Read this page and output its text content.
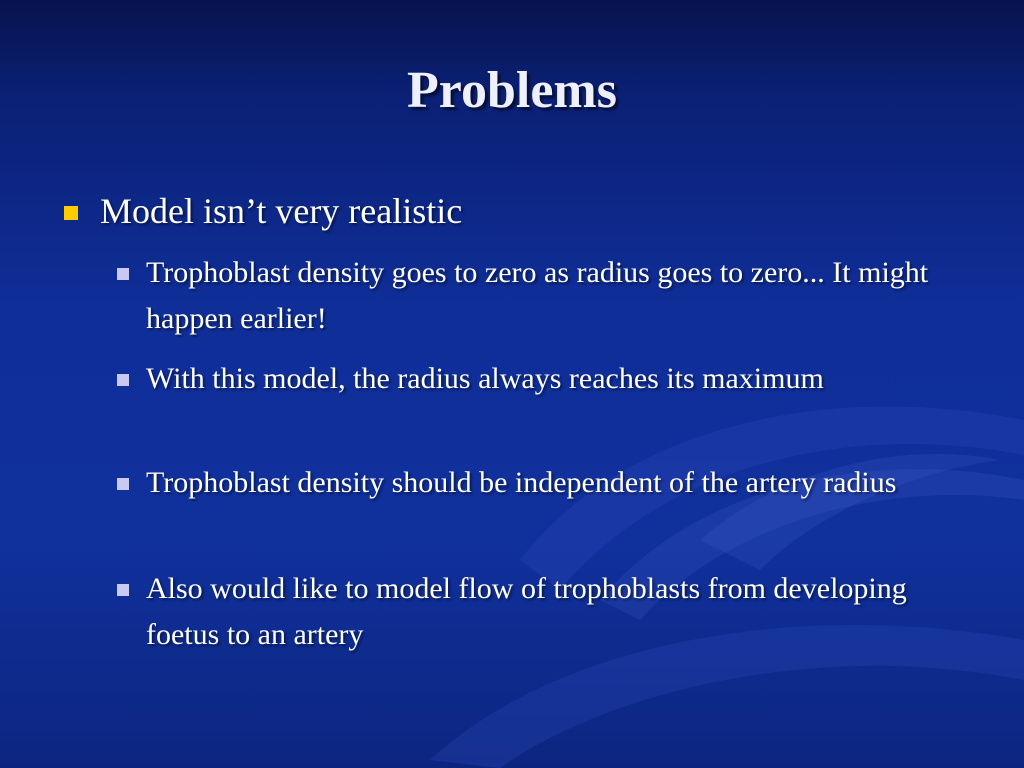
Problems
Model isn’t very realistic
Trophoblast density goes to zero as radius goes to zero... It might happen earlier!
With this model, the radius always reaches its maximum
Trophoblast density should be independent of the artery radius
Also would like to model flow of trophoblasts from developing foetus to an artery
